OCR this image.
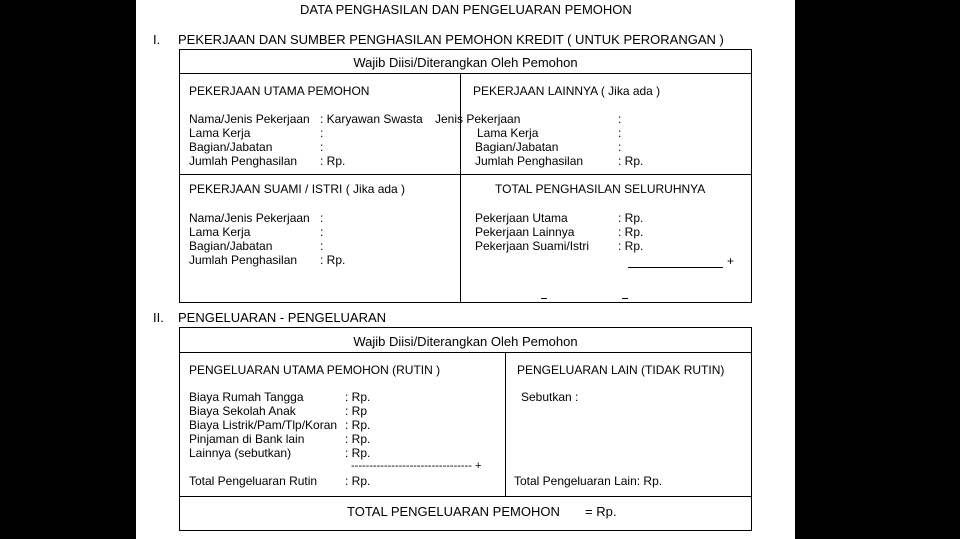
DATA PENGHASILAN DAN PENGELUARAN PEMOHON
I. PEKERJAAN DAN SUMBER PENGHASILAN PEMOHON KREDIT ( UNTUK PERORANGAN )
Wajib Diisi/Diterangkan Oleh Pemohon
PEKERJAAN UTAMA PEMOHON
Nama/Jenis Pekerjaan : Karyawan Swasta
Lama Kerja	:
Bagian/Jabatan	:
Jumlah Penghasilan : Rp.
PEKERJAAN LAINNYA ( Jika ada )
Jenis Pekerjaan	:
Lama Kerja	:
Bagian/Jabatan	:
Jumlah Penghasilan	: Rp.
PEKERJAAN SUAMI / ISTRI ( Jika ada )
Nama/Jenis Pekerjaan :
Lama Kerja	:
Bagian/Jabatan	:
Jumlah Penghasilan : Rp.
TOTAL PENGHASILAN SELURUHNYA
Pekerjaan Utama	: Rp.
Pekerjaan Lainnya	: Rp.
Pekerjaan Suami/Istri : Rp.
+
II. PENGELUARAN - PENGELUARAN
Wajib Diisi/Diterangkan Oleh Pemohon
PENGELUARAN UTAMA PEMOHON (RUTIN )
Biaya Rumah Tangga	: Rp.
Biaya Sekolah Anak	: Rp
Biaya Listrik/Pam/Tlp/Koran : Rp.
Pinjaman di Bank lain	: Rp.
Lainnya (sebutkan)	: Rp.
--------------------------------- +
Total Pengeluaran Rutin : Rp.
PENGELUARAN LAIN (TIDAK RUTIN)
Sebutkan :
Total Pengeluaran Lain: Rp.
TOTAL PENGELUARAN PEMOHON = Rp.
